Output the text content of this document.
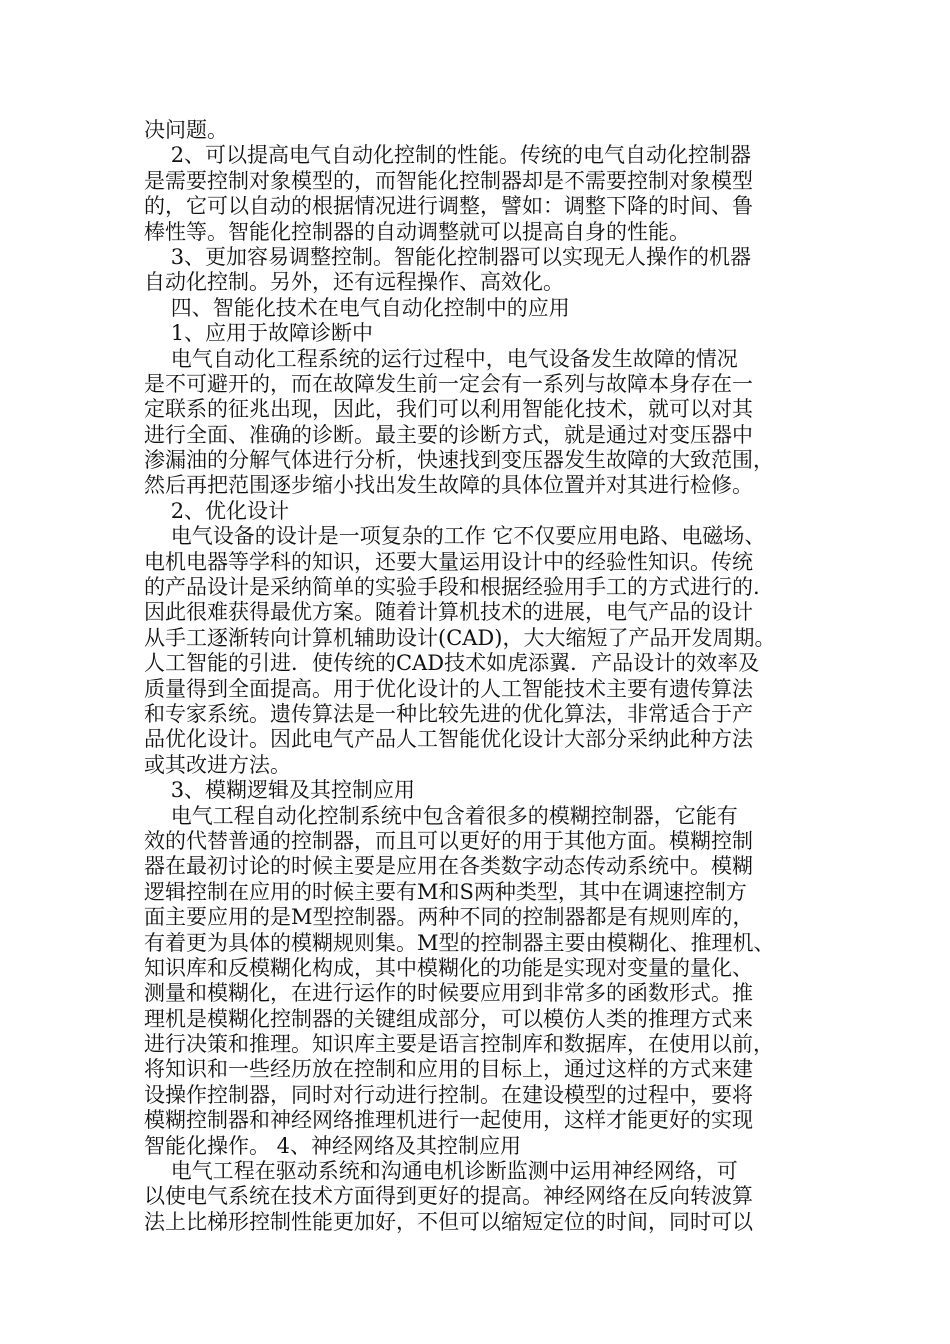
决问题。
2、可以提高电气自动化控制的性能。传统的电气自动化控制器
是需要控制对象模型的，而智能化控制器却是不需要控制对象模型
的，它可以自动的根据情况进行调整，譬如：调整下降的时间、鲁
棒性等。智能化控制器的自动调整就可以提高自身的性能。
3、更加容易调整控制。智能化控制器可以实现无人操作的机器
自动化控制。另外，还有远程操作、高效化。
四、智能化技术在电气自动化控制中的应用
1、应用于故障诊断中
电气自动化工程系统的运行过程中，电气设备发生故障的情况
是不可避开的，而在故障发生前一定会有一系列与故障本身存在一
定联系的征兆出现，因此，我们可以利用智能化技术，就可以对其
进行全面、准确的诊断。最主要的诊断方式，就是通过对变压器中
渗漏油的分解气体进行分析，快速找到变压器发生故障的大致范围，
然后再把范围逐步缩小找出发生故障的具体位置并对其进行检修。
2、优化设计
电气设备的设计是一项复杂的工作 它不仅要应用电路、电磁场、
电机电器等学科的知识，还要大量运用设计中的经验性知识。传统
的产品设计是采纳简单的实验手段和根据经验用手工的方式进行的.
因此很难获得最优方案。随着计算机技术的进展，电气产品的设计
从手工逐渐转向计算机辅助设计(CAD)，大大缩短了产品开发周期。
人工智能的引进．使传统的CAD技术如虎添翼．产品设计的效率及
质量得到全面提高。用于优化设计的人工智能技术主要有遗传算法
和专家系统。遗传算法是一种比较先进的优化算法，非常适合于产
品优化设计。因此电气产品人工智能优化设计大部分采纳此种方法
或其改进方法。
3、模糊逻辑及其控制应用
电气工程自动化控制系统中包含着很多的模糊控制器，它能有
效的代替普通的控制器，而且可以更好的用于其他方面。模糊控制
器在最初讨论的时候主要是应用在各类数字动态传动系统中。模糊
逻辑控制在应用的时候主要有M和S两种类型，其中在调速控制方
面主要应用的是M型控制器。两种不同的控制器都是有规则库的，
有着更为具体的模糊规则集。M型的控制器主要由模糊化、推理机、
知识库和反模糊化构成，其中模糊化的功能是实现对变量的量化、
测量和模糊化，在进行运作的时候要应用到非常多的函数形式。推
理机是模糊化控制器的关键组成部分，可以模仿人类的推理方式来
进行决策和推理。知识库主要是语言控制库和数据库，在使用以前，
将知识和一些经历放在控制和应用的目标上，通过这样的方式来建
设操作控制器，同时对行动进行控制。在建设模型的过程中，要将
模糊控制器和神经网络推理机进行一起使用，这样才能更好的实现
智能化操作。 4、神经网络及其控制应用
电气工程在驱动系统和沟通电机诊断监测中运用神经网络，可
以使电气系统在技术方面得到更好的提高。神经网络在反向转波算
法上比梯形控制性能更加好，不但可以缩短定位的时间，同时可以
